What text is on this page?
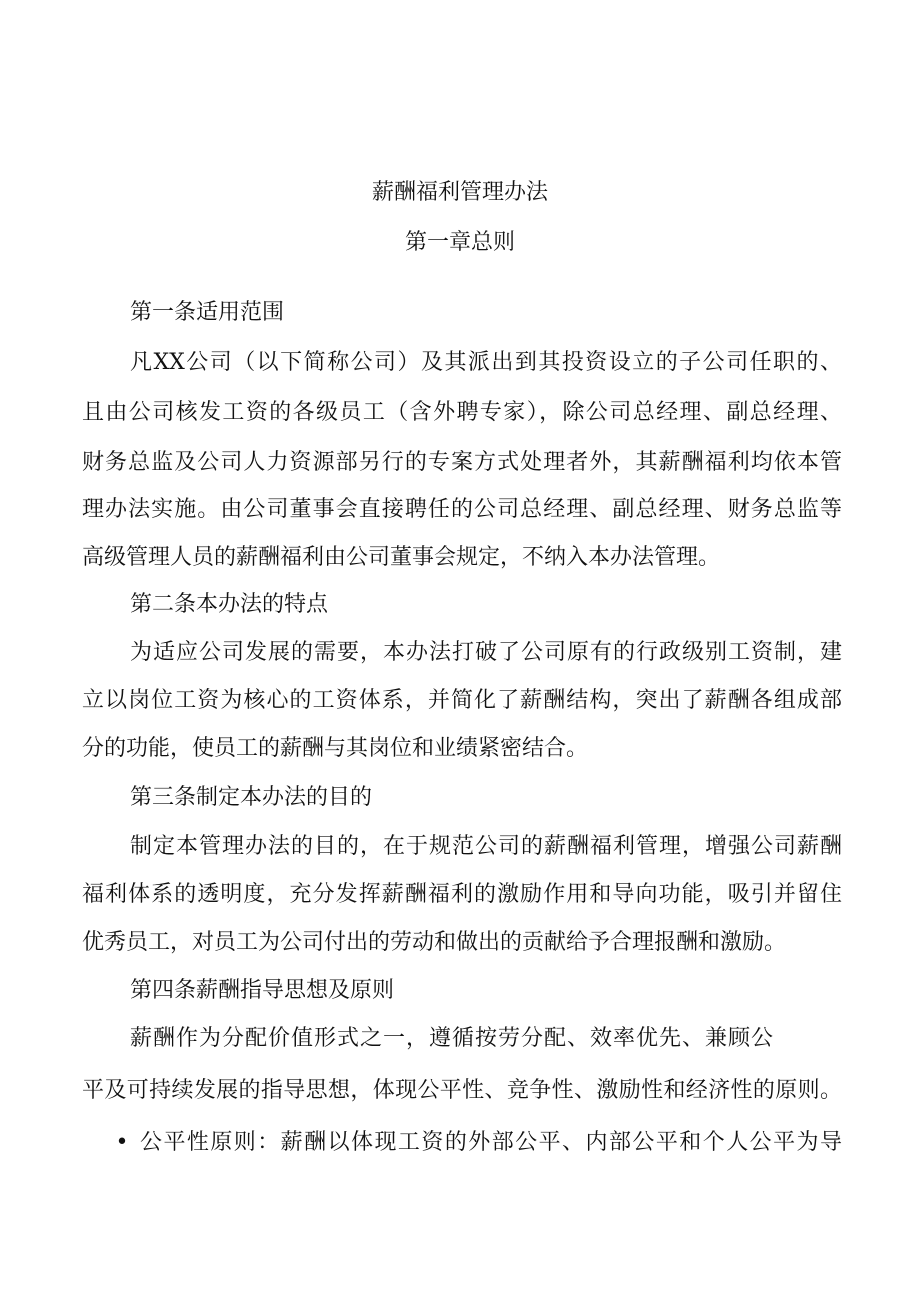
薪酬福利管理办法
第一章总则
第一条适用范围
凡XX公司（以下简称公司）及其派出到其投资设立的子公司任职的、
且由公司核发工资的各级员工（含外聘专家），除公司总经理、副总经理、
财务总监及公司人力资源部另行的专案方式处理者外，其薪酬福利均依本管
理办法实施。由公司董事会直接聘任的公司总经理、副总经理、财务总监等
高级管理人员的薪酬福利由公司董事会规定，不纳入本办法管理。
第二条本办法的特点
为适应公司发展的需要，本办法打破了公司原有的行政级别工资制，建
立以岗位工资为核心的工资体系，并简化了薪酬结构，突出了薪酬各组成部
分的功能，使员工的薪酬与其岗位和业绩紧密结合。
第三条制定本办法的目的
制定本管理办法的目的，在于规范公司的薪酬福利管理，增强公司薪酬
福利体系的透明度，充分发挥薪酬福利的激励作用和导向功能，吸引并留住
优秀员工，对员工为公司付出的劳动和做出的贡献给予合理报酬和激励。
第四条薪酬指导思想及原则
薪酬作为分配价值形式之一，遵循按劳分配、效率优先、兼顾公
平及可持续发展的指导思想，体现公平性、竞争性、激励性和经济性的原则。
• 公平性原则：薪酬以体现工资的外部公平、内部公平和个人公平为导
